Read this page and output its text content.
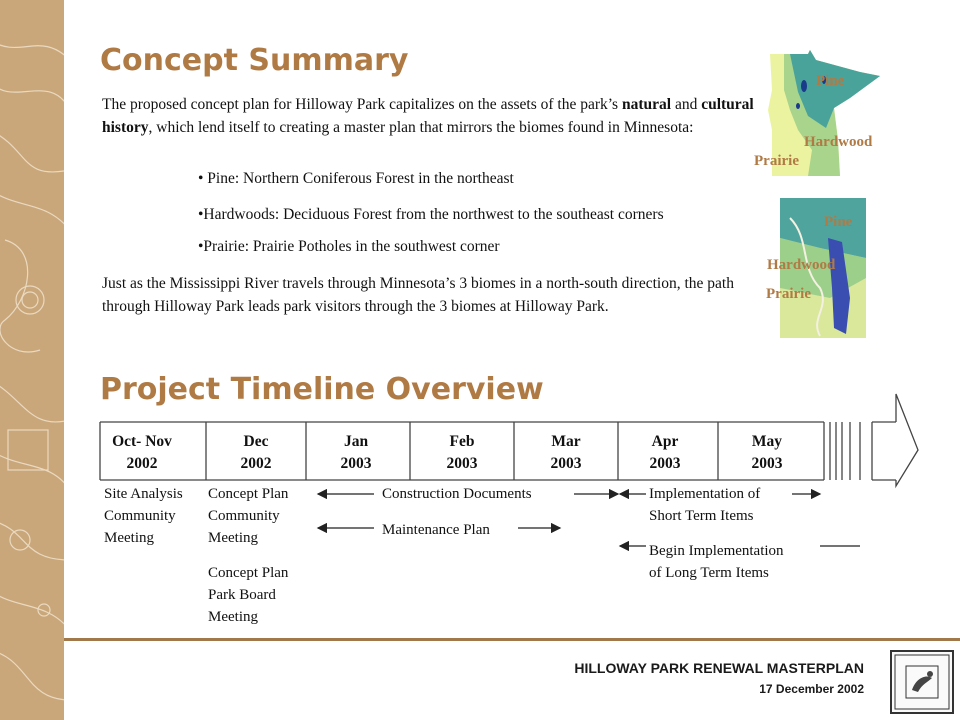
Concept Summary
The proposed concept plan for Hilloway Park capitalizes on the assets of the park’s natural and cultural history, which lend itself to creating a master plan that mirrors the biomes found in Minnesota:
• Pine: Northern Coniferous Forest in the northeast
•Hardwoods: Deciduous Forest from the northwest to the southeast corners
•Prairie: Prairie Potholes in the southwest corner
Just as the Mississippi River travels through Minnesota’s 3 biomes in a north-south direction, the path through Hilloway Park leads park visitors through the 3 biomes at Hilloway Park.
Pine
Hardwood
Prairie
Pine
Hardwood
Prairie
Project Timeline Overview
Oct- Nov
2002
Dec
2002
Jan
2003
Feb
2003
Mar
2003
Apr
2003
May
2003
Site Analysis
Community
Meeting
Concept Plan
Community
Meeting
Concept Plan
Park Board
Meeting
Construction Documents
Maintenance Plan
Implementation of
Short Term Items
Begin Implementation
of Long Term Items
HILLOWAY PARK RENEWAL MASTERPLAN
17 December 2002
